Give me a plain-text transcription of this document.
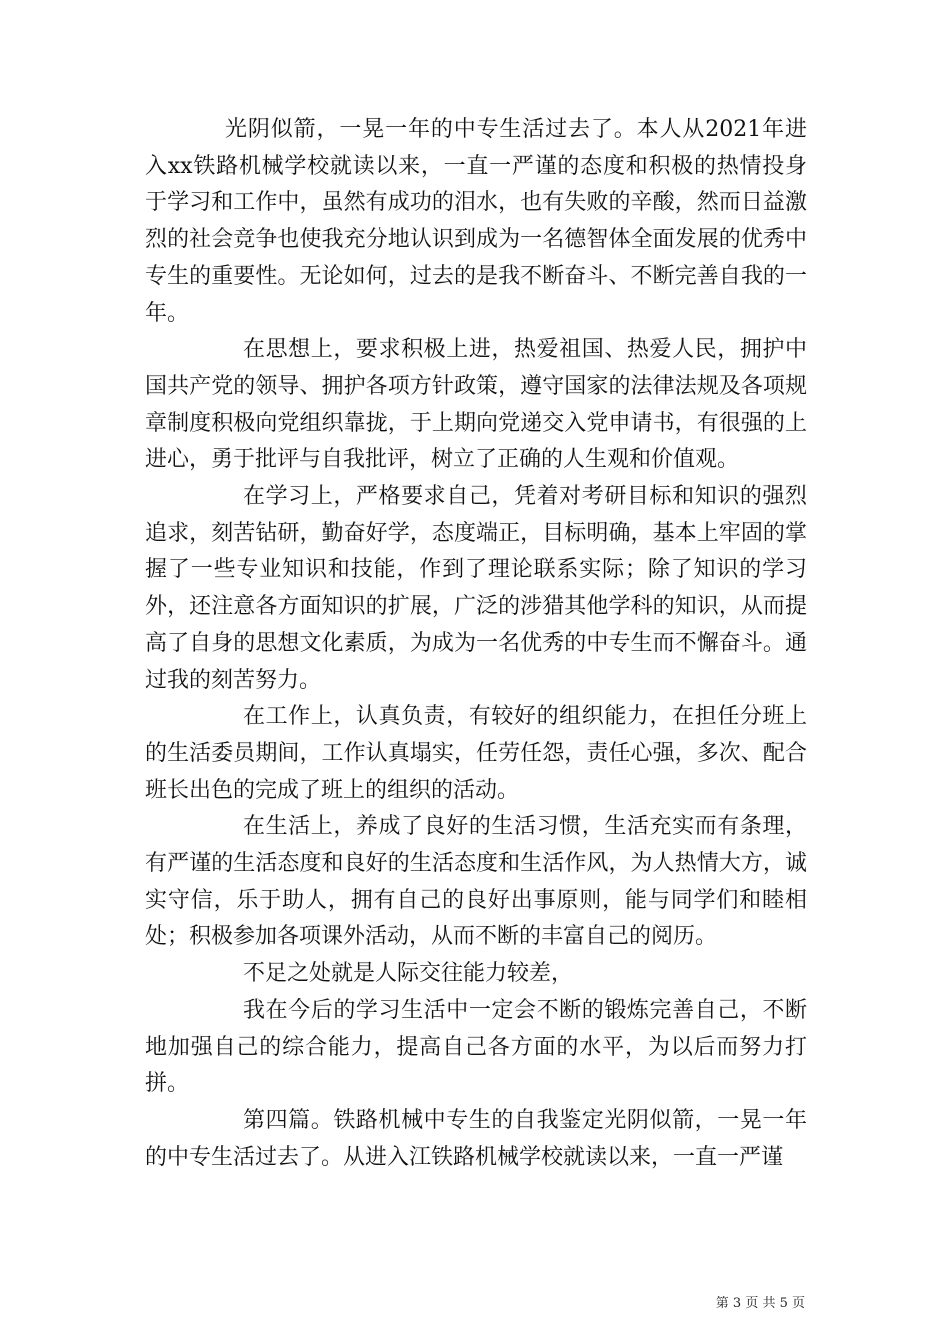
光阴似箭，一晃一年的中专生活过去了。本人从2021年进入xx铁路机械学校就读以来，一直一严谨的态度和积极的热情投身于学习和工作中，虽然有成功的泪水，也有失败的辛酸，然而日益激烈的社会竞争也使我充分地认识到成为一名德智体全面发展的优秀中专生的重要性。无论如何，过去的是我不断奋斗、不断完善自我的一年。

在思想上，要求积极上进，热爱祖国、热爱人民，拥护中国共产党的领导、拥护各项方针政策，遵守国家的法律法规及各项规章制度积极向党组织靠拢，于上期向党递交入党申请书，有很强的上进心，勇于批评与自我批评，树立了正确的人生观和价值观。

在学习上，严格要求自己，凭着对考研目标和知识的强烈追求，刻苦钻研，勤奋好学，态度端正，目标明确，基本上牢固的掌握了一些专业知识和技能，作到了理论联系实际；除了知识的学习外，还注意各方面知识的扩展，广泛的涉猎其他学科的知识，从而提高了自身的思想文化素质，为成为一名优秀的中专生而不懈奋斗。通过我的刻苦努力。

在工作上，认真负责，有较好的组织能力，在担任分班上的生活委员期间，工作认真塌实，任劳任怨，责任心强，多次、配合班长出色的完成了班上的组织的活动。

在生活上，养成了良好的生活习惯，生活充实而有条理，有严谨的生活态度和良好的生活态度和生活作风，为人热情大方，诚实守信，乐于助人，拥有自己的良好出事原则，能与同学们和睦相处；积极参加各项课外活动，从而不断的丰富自己的阅历。

不足之处就是人际交往能力较差，

我在今后的学习生活中一定会不断的锻炼完善自己，不断地加强自己的综合能力，提高自己各方面的水平，为以后而努力打拼。

第四篇。铁路机械中专生的自我鉴定光阴似箭，一晃一年的中专生活过去了。从进入江铁路机械学校就读以来，一直一严谨

第 3 页 共 5 页
